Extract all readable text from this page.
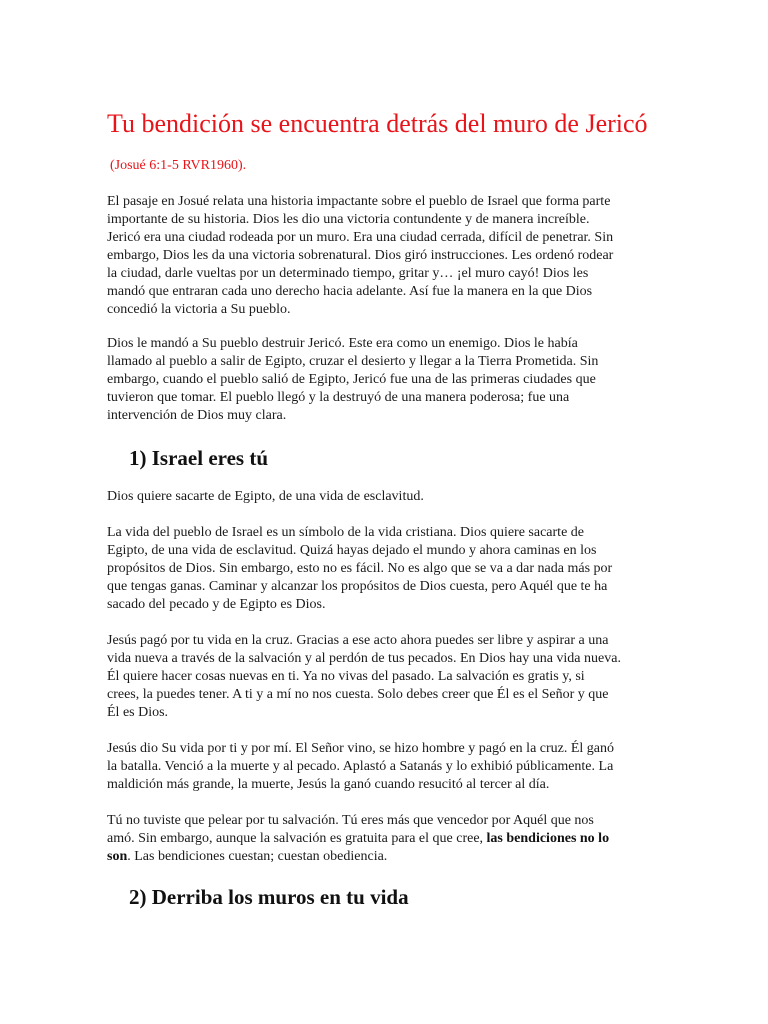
Tu bendición se encuentra detrás del muro de Jericó
(Josué 6:1-5 RVR1960).

El pasaje en Josué relata una historia impactante sobre el pueblo de Israel que forma parte
importante de su historia. Dios les dio una victoria contundente y de manera increíble.
Jericó era una ciudad rodeada por un muro. Era una ciudad cerrada, difícil de penetrar. Sin
embargo, Dios les da una victoria sobrenatural. Dios giró instrucciones. Les ordenó rodear
la ciudad, darle vueltas por un determinado tiempo, gritar y… ¡el muro cayó! Dios les
mandó que entraran cada uno derecho hacia adelante. Así fue la manera en la que Dios
concedió la victoria a Su pueblo.

Dios le mandó a Su pueblo destruir Jericó. Este era como un enemigo. Dios le había
llamado al pueblo a salir de Egipto, cruzar el desierto y llegar a la Tierra Prometida. Sin
embargo, cuando el pueblo salió de Egipto, Jericó fue una de las primeras ciudades que
tuvieron que tomar. El pueblo llegó y la destruyó de una manera poderosa; fue una
intervención de Dios muy clara.

1) Israel eres tú

Dios quiere sacarte de Egipto, de una vida de esclavitud.

La vida del pueblo de Israel es un símbolo de la vida cristiana. Dios quiere sacarte de
Egipto, de una vida de esclavitud. Quizá hayas dejado el mundo y ahora caminas en los
propósitos de Dios. Sin embargo, esto no es fácil. No es algo que se va a dar nada más por
que tengas ganas. Caminar y alcanzar los propósitos de Dios cuesta, pero Aquél que te ha
sacado del pecado y de Egipto es Dios.

Jesús pagó por tu vida en la cruz. Gracias a ese acto ahora puedes ser libre y aspirar a una
vida nueva a través de la salvación y al perdón de tus pecados. En Dios hay una vida nueva.
Él quiere hacer cosas nuevas en ti. Ya no vivas del pasado. La salvación es gratis y, si
crees, la puedes tener. A ti y a mí no nos cuesta. Solo debes creer que Él es el Señor y que
Él es Dios.

Jesús dio Su vida por ti y por mí. El Señor vino, se hizo hombre y pagó en la cruz. Él ganó
la batalla. Venció a la muerte y al pecado. Aplastó a Satanás y lo exhibió públicamente. La
maldición más grande, la muerte, Jesús la ganó cuando resucitó al tercer al día.

Tú no tuviste que pelear por tu salvación. Tú eres más que vencedor por Aquél que nos
amó. Sin embargo, aunque la salvación es gratuita para el que cree, las bendiciones no lo
son. Las bendiciones cuestan; cuestan obediencia.

2) Derriba los muros en tu vida
